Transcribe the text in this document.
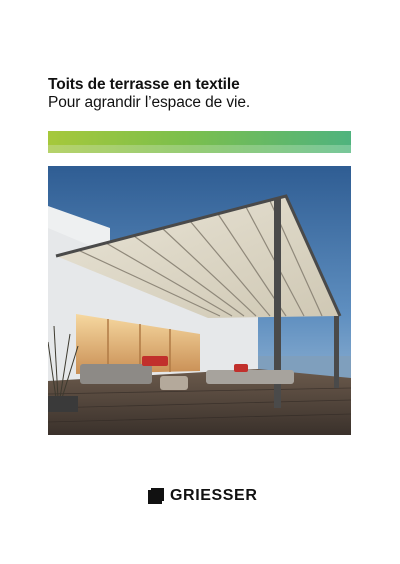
Toits de terrasse en textile

Pour agrandir l’espace de vie.

GRIESSER
